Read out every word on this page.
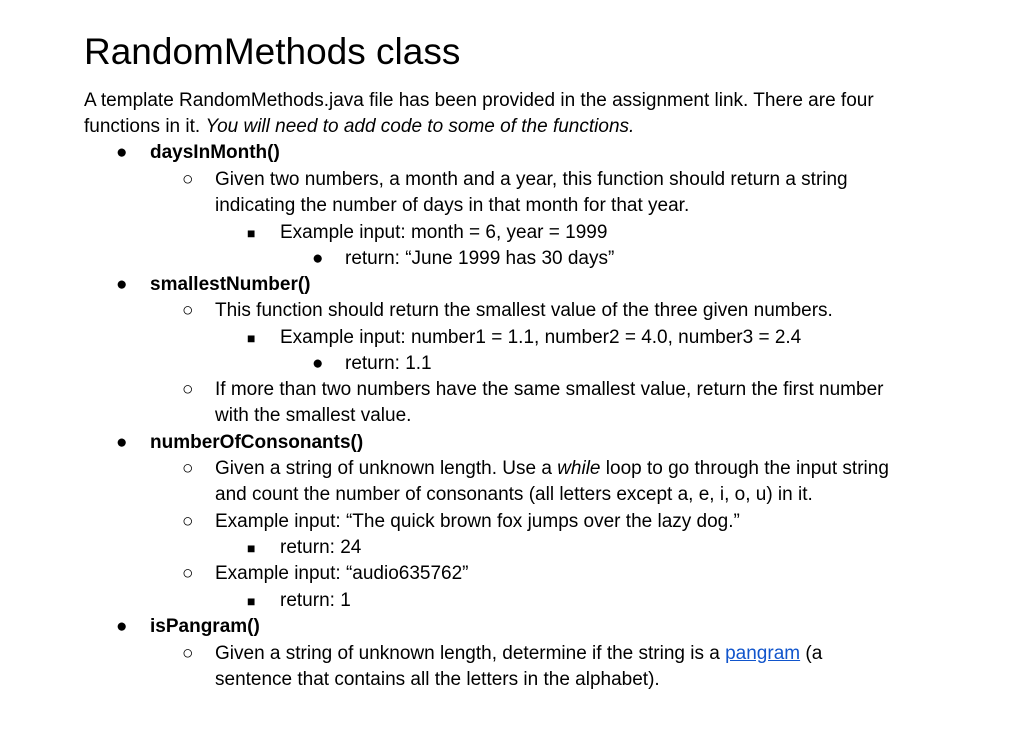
RandomMethods class
A template RandomMethods.java file has been provided in the assignment link. There are four
functions in it. You will need to add code to some of the functions.
● daysInMonth()
○ Given two numbers, a month and a year, this function should return a string
indicating the number of days in that month for that year.
■ Example input: month = 6, year = 1999
● return: “June 1999 has 30 days”
● smallestNumber()
○ This function should return the smallest value of the three given numbers.
■ Example input: number1 = 1.1, number2 = 4.0, number3 = 2.4
● return: 1.1
○ If more than two numbers have the same smallest value, return the first number
with the smallest value.
● numberOfConsonants()
○ Given a string of unknown length. Use a while loop to go through the input string
and count the number of consonants (all letters except a, e, i, o, u) in it.
○ Example input: “The quick brown fox jumps over the lazy dog.”
■ return: 24
○ Example input: “audio635762”
■ return: 1
● isPangram()
○ Given a string of unknown length, determine if the string is a pangram (a
sentence that contains all the letters in the alphabet).
